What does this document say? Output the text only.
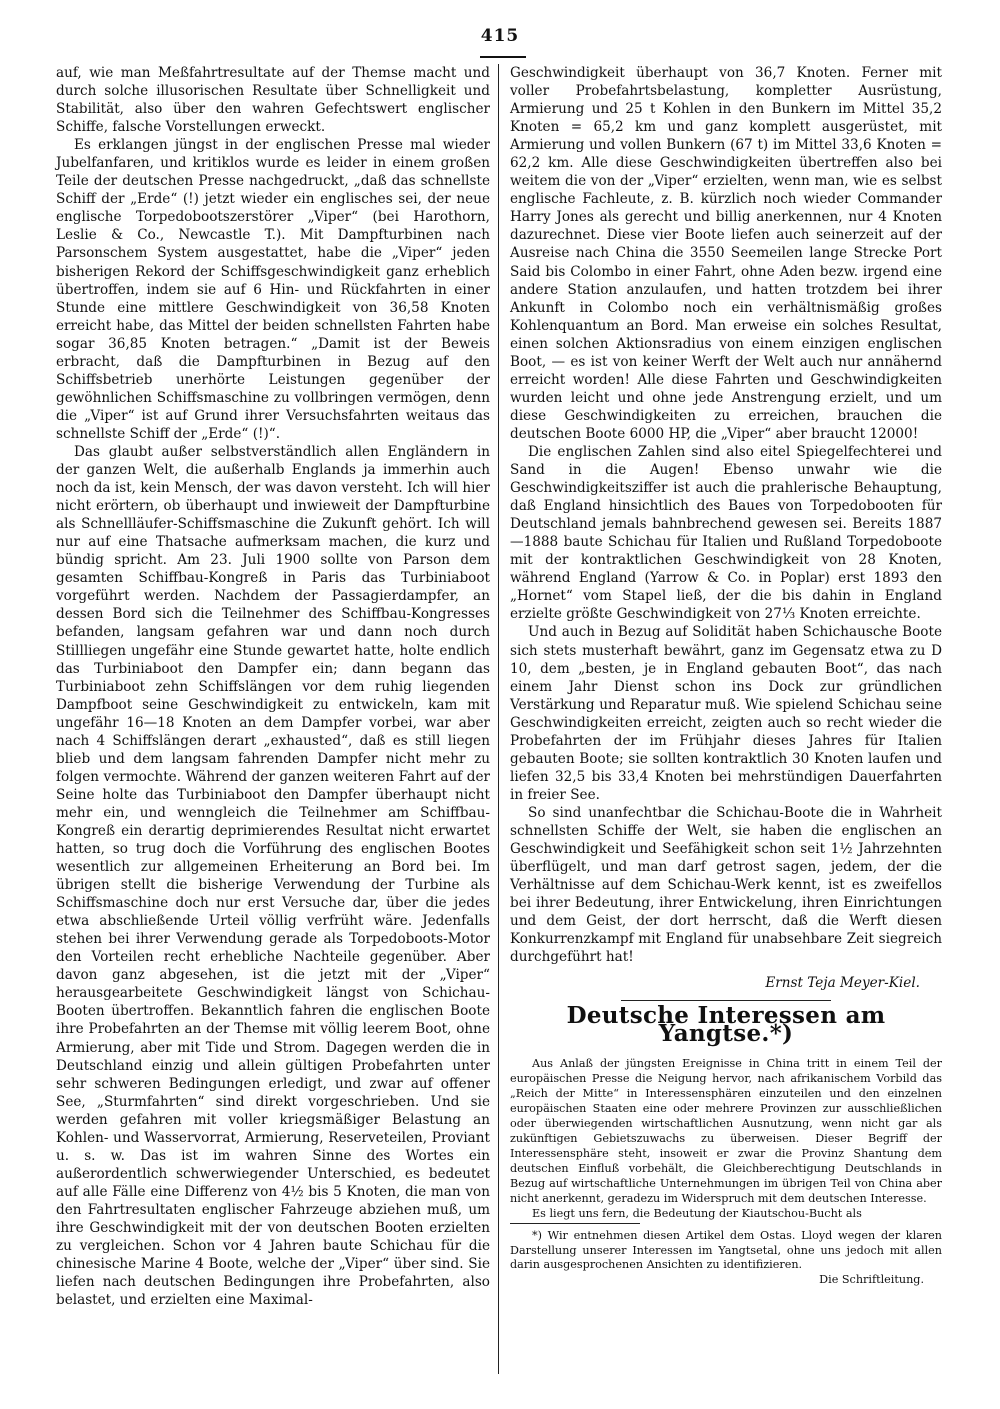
415

auf, wie man Meßfahrtresultate auf der Themse macht und durch solche illusorischen Resultate über Schnelligkeit und Stabilität, also über den wahren Gefechtswert englischer Schiffe, falsche Vorstellungen erweckt.

Es erklangen jüngst in der englischen Presse mal wieder Jubelfanfaren, und kritiklos wurde es leider in einem großen Teile der deutschen Presse nachgedruckt, „daß das schnellste Schiff der „Erde“ (!) jetzt wieder ein englisches sei, der neue englische Torpedobootszerstörer „Viper“ (bei Harothorn, Leslie & Co., Newcastle T.). Mit Dampfturbinen nach Parsonschem System ausgestattet, habe die „Viper“ jeden bisherigen Rekord der Schiffsgeschwindigkeit ganz erheblich übertroffen, indem sie auf 6 Hin- und Rückfahrten in einer Stunde eine mittlere Geschwindigkeit von 36,58 Knoten erreicht habe, das Mittel der beiden schnellsten Fahrten habe sogar 36,85 Knoten betragen.“ „Damit ist der Beweis erbracht, daß die Dampfturbinen in Bezug auf den Schiffsbetrieb unerhörte Leistungen gegenüber der gewöhnlichen Schiffsmaschine zu vollbringen vermögen, denn die „Viper“ ist auf Grund ihrer Versuchsfahrten weitaus das schnellste Schiff der „Erde“ (!)“.

Das glaubt außer selbstverständlich allen Engländern in der ganzen Welt, die außerhalb Englands ja immerhin auch noch da ist, kein Mensch, der was davon versteht. Ich will hier nicht erörtern, ob überhaupt und inwieweit der Dampfturbine als Schnellläufer-Schiffsmaschine die Zukunft gehört. Ich will nur auf eine Thatsache aufmerksam machen, die kurz und bündig spricht. Am 23. Juli 1900 sollte von Parson dem gesamten Schiffbau-Kongreß in Paris das Turbiniaboot vorgeführt werden. Nachdem der Passagierdampfer, an dessen Bord sich die Teilnehmer des Schiffbau-Kongresses befanden, langsam gefahren war und dann noch durch Stillliegen ungefähr eine Stunde gewartet hatte, holte endlich das Turbiniaboot den Dampfer ein; dann begann das Turbiniaboot zehn Schiffslängen vor dem ruhig liegenden Dampfboot seine Geschwindigkeit zu entwickeln, kam mit ungefähr 16—18 Knoten an dem Dampfer vorbei, war aber nach 4 Schiffslängen derart „exhausted“, daß es still liegen blieb und dem langsam fahrenden Dampfer nicht mehr zu folgen vermochte. Während der ganzen weiteren Fahrt auf der Seine holte das Turbiniaboot den Dampfer überhaupt nicht mehr ein, und wenngleich die Teilnehmer am Schiffbau-Kongreß ein derartig deprimierendes Resultat nicht erwartet hatten, so trug doch die Vorführung des englischen Bootes wesentlich zur allgemeinen Erheiterung an Bord bei. Im übrigen stellt die bisherige Verwendung der Turbine als Schiffsmaschine doch nur erst Versuche dar, über die jedes etwa abschließende Urteil völlig verfrüht wäre. Jedenfalls stehen bei ihrer Verwendung gerade als Torpedoboots-Motor den Vorteilen recht erhebliche Nachteile gegenüber. Aber davon ganz abgesehen, ist die jetzt mit der „Viper“ herausgearbeitete Geschwindigkeit längst von Schichau-Booten übertroffen. Bekanntlich fahren die englischen Boote ihre Probefahrten an der Themse mit völlig leerem Boot, ohne Armierung, aber mit Tide und Strom. Dagegen werden die in Deutschland einzig und allein gültigen Probefahrten unter sehr schweren Bedingungen erledigt, und zwar auf offener See, „Sturmfahrten“ sind direkt vorgeschrieben. Und sie werden gefahren mit voller kriegsmäßiger Belastung an Kohlen- und Wasservorrat, Armierung, Reserveteilen, Proviant u. s. w. Das ist im wahren Sinne des Wortes ein außerordentlich schwerwiegender Unterschied, es bedeutet auf alle Fälle eine Differenz von 4½ bis 5 Knoten, die man von den Fahrtresultaten englischer Fahrzeuge abziehen muß, um ihre Geschwindigkeit mit der von deutschen Booten erzielten zu vergleichen. Schon vor 4 Jahren baute Schichau für die chinesische Marine 4 Boote, welche der „Viper“ über sind. Sie liefen nach deutschen Bedingungen ihre Probefahrten, also belastet, und erzielten eine Maximal-

Geschwindigkeit überhaupt von 36,7 Knoten. Ferner mit voller Probefahrtsbelastung, kompletter Ausrüstung, Armierung und 25 t Kohlen in den Bunkern im Mittel 35,2 Knoten = 65,2 km und ganz komplett ausgerüstet, mit Armierung und vollen Bunkern (67 t) im Mittel 33,6 Knoten = 62,2 km. Alle diese Geschwindigkeiten übertreffen also bei weitem die von der „Viper“ erzielten, wenn man, wie es selbst englische Fachleute, z. B. kürzlich noch wieder Commander Harry Jones als gerecht und billig anerkennen, nur 4 Knoten dazurechnet. Diese vier Boote liefen auch seinerzeit auf der Ausreise nach China die 3550 Seemeilen lange Strecke Port Said bis Colombo in einer Fahrt, ohne Aden bezw. irgend eine andere Station anzulaufen, und hatten trotzdem bei ihrer Ankunft in Colombo noch ein verhältnismäßig großes Kohlenquantum an Bord. Man erweise ein solches Resultat, einen solchen Aktionsradius von einem einzigen englischen Boot, — es ist von keiner Werft der Welt auch nur annähernd erreicht worden! Alle diese Fahrten und Geschwindigkeiten wurden leicht und ohne jede Anstrengung erzielt, und um diese Geschwindigkeiten zu erreichen, brauchen die deutschen Boote 6000 HP, die „Viper“ aber braucht 12000!

Die englischen Zahlen sind also eitel Spiegelfechterei und Sand in die Augen! Ebenso unwahr wie die Geschwindigkeitsziffer ist auch die prahlerische Behauptung, daß England hinsichtlich des Baues von Torpedobooten für Deutschland jemals bahnbrechend gewesen sei. Bereits 1887—1888 baute Schichau für Italien und Rußland Torpedoboote mit der kontraktlichen Geschwindigkeit von 28 Knoten, während England (Yarrow & Co. in Poplar) erst 1893 den „Hornet“ vom Stapel ließ, der die bis dahin in England erzielte größte Geschwindigkeit von 27⅓ Knoten erreichte.

Und auch in Bezug auf Solidität haben Schichausche Boote sich stets musterhaft bewährt, ganz im Gegensatz etwa zu D 10, dem „besten, je in England gebauten Boot“, das nach einem Jahr Dienst schon ins Dock zur gründlichen Verstärkung und Reparatur muß. Wie spielend Schichau seine Geschwindigkeiten erreicht, zeigten auch so recht wieder die Probefahrten der im Frühjahr dieses Jahres für Italien gebauten Boote; sie sollten kontraktlich 30 Knoten laufen und liefen 32,5 bis 33,4 Knoten bei mehrstündigen Dauerfahrten in freier See.

So sind unanfechtbar die Schichau-Boote die in Wahrheit schnellsten Schiffe der Welt, sie haben die englischen an Geschwindigkeit und Seefähigkeit schon seit 1½ Jahrzehnten überflügelt, und man darf getrost sagen, jedem, der die Verhältnisse auf dem Schichau-Werk kennt, ist es zweifellos bei ihrer Bedeutung, ihrer Entwickelung, ihren Einrichtungen und dem Geist, der dort herrscht, daß die Werft diesen Konkurrenzkampf mit England für unabsehbare Zeit siegreich durchgeführt hat!

Ernst Teja Meyer-Kiel.

Deutsche Interessen am Yangtse.*)

Aus Anlaß der jüngsten Ereignisse in China tritt in einem Teil der europäischen Presse die Neigung hervor, nach afrikanischem Vorbild das „Reich der Mitte“ in Interessensphären einzuteilen und den einzelnen europäischen Staaten eine oder mehrere Provinzen zur ausschließlichen oder überwiegenden wirtschaftlichen Ausnutzung, wenn nicht gar als zukünftigen Gebietszuwachs zu überweisen. Dieser Begriff der Interessensphäre steht, insoweit er zwar die Provinz Shantung dem deutschen Einfluß vorbehält, die Gleichberechtigung Deutschlands in Bezug auf wirtschaftliche Unternehmungen im übrigen Teil von China aber nicht anerkennt, geradezu im Widerspruch mit dem deutschen Interesse.

Es liegt uns fern, die Bedeutung der Kiautschou-Bucht als

*) Wir entnehmen diesen Artikel dem Ostas. Lloyd wegen der klaren Darstellung unserer Interessen im Yangtsetal, ohne uns jedoch mit allen darin ausgesprochenen Ansichten zu identifizieren.

Die Schriftleitung.
